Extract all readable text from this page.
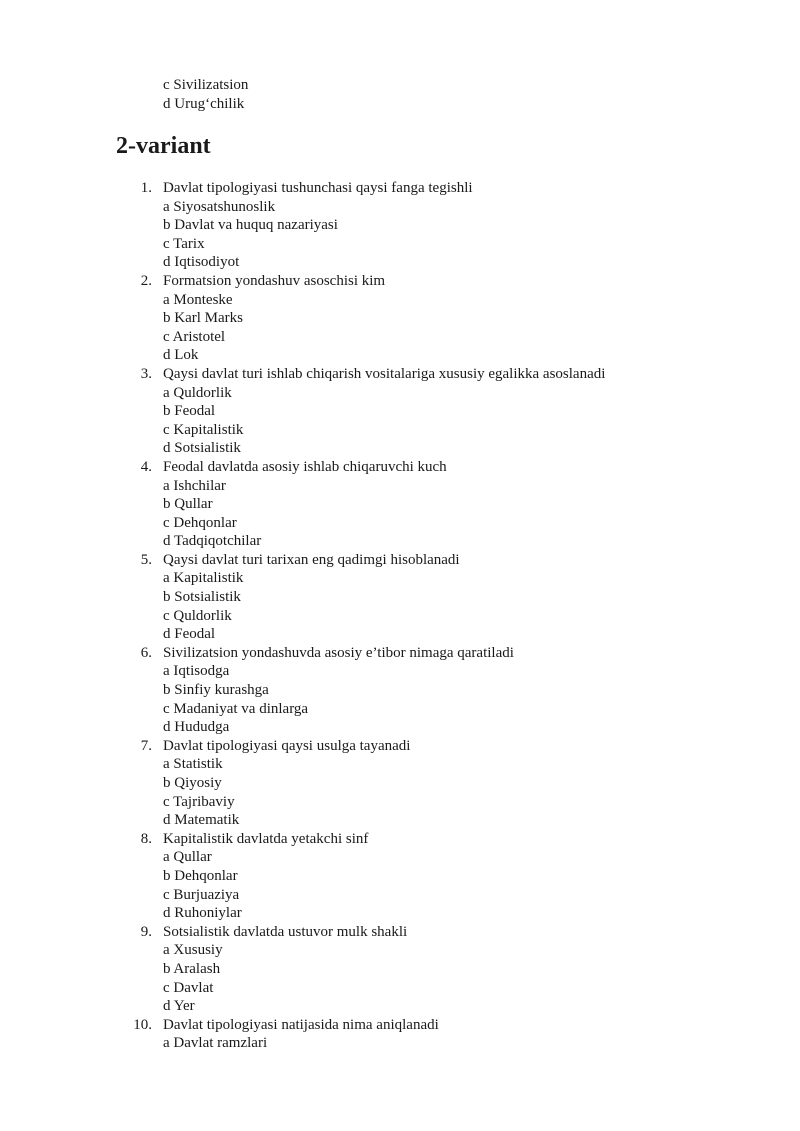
c Sivilizatsion
d Urug‘chilik
2-variant
1. Davlat tipologiyasi tushunchasi qaysi fanga tegishli
a Siyosatshunoslik
b Davlat va huquq nazariyasi
c Tarix
d Iqtisodiyot
2. Formatsion yondashuv asoschisi kim
a Monteske
b Karl Marks
c Aristotel
d Lok
3. Qaysi davlat turi ishlab chiqarish vositalariga xususiy egalikka asoslanadi
a Quldorlik
b Feodal
c Kapitalistik
d Sotsialistik
4. Feodal davlatda asosiy ishlab chiqaruvchi kuch
a Ishchilar
b Qullar
c Dehqonlar
d Tadqiqotchilar
5. Qaysi davlat turi tarixan eng qadimgi hisoblanadi
a Kapitalistik
b Sotsialistik
c Quldorlik
d Feodal
6. Sivilizatsion yondashuvda asosiy e’tibor nimaga qaratiladi
a Iqtisodga
b Sinfiy kurashga
c Madaniyat va dinlarga
d Hududga
7. Davlat tipologiyasi qaysi usulga tayanadi
a Statistik
b Qiyosiy
c Tajribaviy
d Matematik
8. Kapitalistik davlatda yetakchi sinf
a Qullar
b Dehqonlar
c Burjuaziya
d Ruhoniylar
9. Sotsialistik davlatda ustuvor mulk shakli
a Xususiy
b Aralash
c Davlat
d Yer
10. Davlat tipologiyasi natijasida nima aniqlanadi
a Davlat ramzlari
